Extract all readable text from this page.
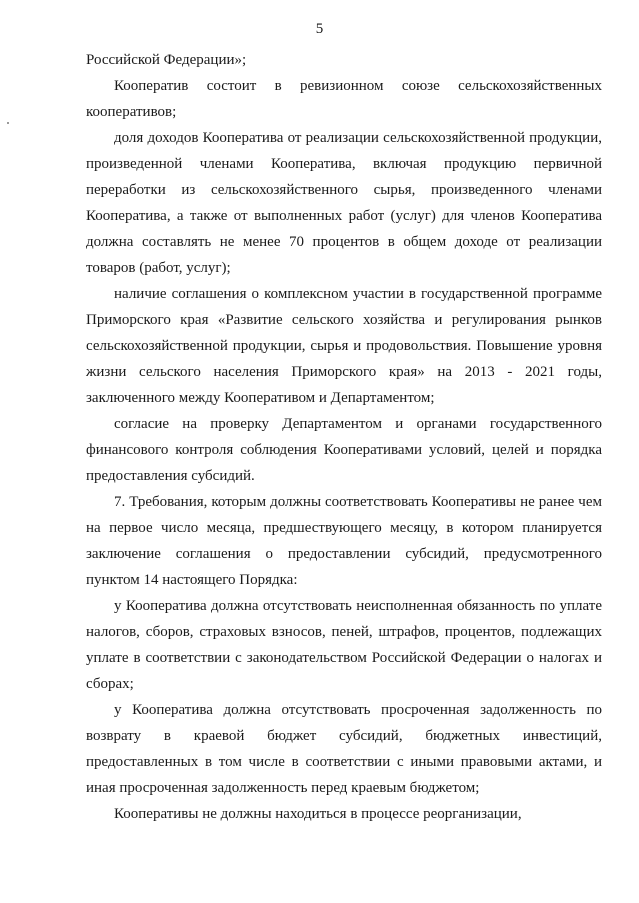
5

Российской Федерации»;

Кооператив состоит в ревизионном союзе сельскохозяйственных кооперативов;

доля доходов Кооператива от реализации сельскохозяйственной продукции, произведенной членами Кооператива, включая продукцию первичной переработки из сельскохозяйственного сырья, произведенного членами Кооператива, а также от выполненных работ (услуг) для членов Кооператива должна составлять не менее 70 процентов в общем доходе от реализации товаров (работ, услуг);

наличие соглашения о комплексном участии в государственной программе Приморского края «Развитие сельского хозяйства и регулирования рынков сельскохозяйственной продукции, сырья и продовольствия. Повышение уровня жизни сельского населения Приморского края» на 2013 - 2021 годы, заключенного между Кооперативом и Департаментом;

согласие на проверку Департаментом и органами государственного финансового контроля соблюдения Кооперативами условий, целей и порядка предоставления субсидий.

7. Требования, которым должны соответствовать Кооперативы не ранее чем на первое число месяца, предшествующего месяцу, в котором планируется заключение соглашения о предоставлении субсидий, предусмотренного пунктом 14 настоящего Порядка:

у Кооператива должна отсутствовать неисполненная обязанность по уплате налогов, сборов, страховых взносов, пеней, штрафов, процентов, подлежащих уплате в соответствии с законодательством Российской Федерации о налогах и сборах;

у Кооператива должна отсутствовать просроченная задолженность по возврату в краевой бюджет субсидий, бюджетных инвестиций, предоставленных в том числе в соответствии с иными правовыми актами, и иная просроченная задолженность перед краевым бюджетом;

Кооперативы не должны находиться в процессе реорганизации,
